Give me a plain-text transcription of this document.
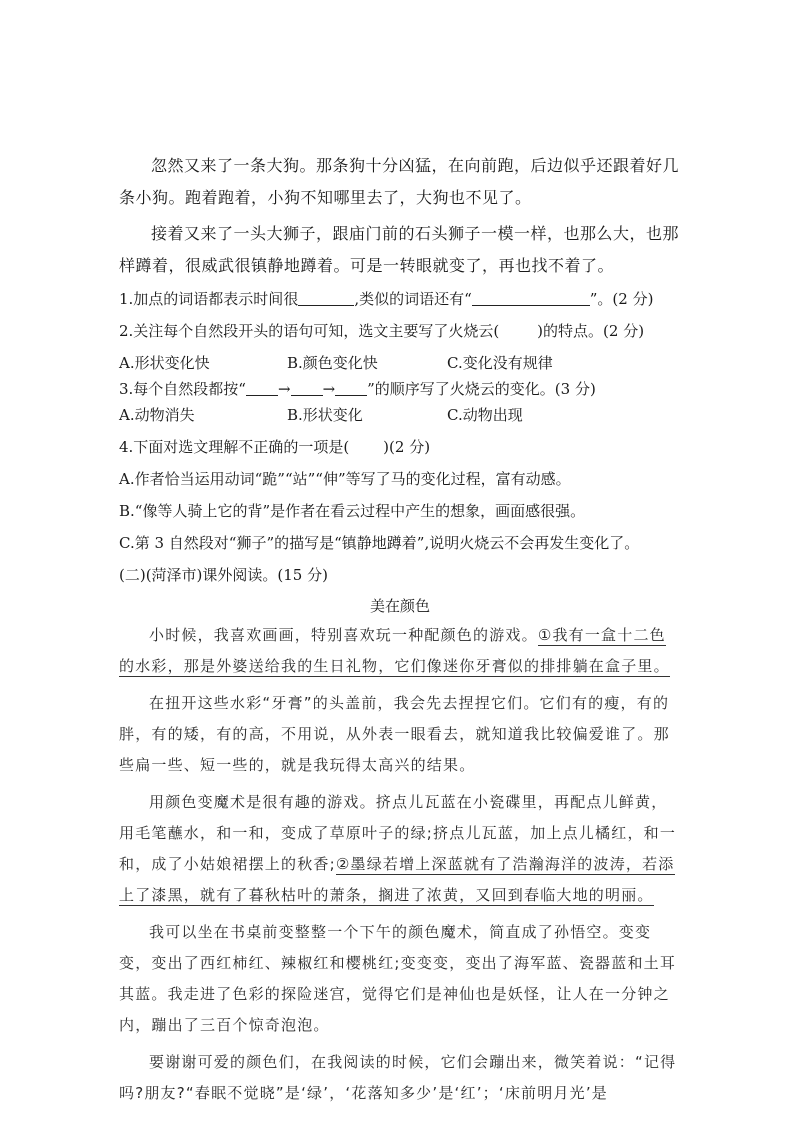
忽然又来了一条大狗。那条狗十分凶猛，在向前跑，后边似乎还跟着好几条小狗。跑着跑着，小狗不知哪里去了，大狗也不见了。

接着又来了一头大狮子，跟庙门前的石头狮子一模一样，也那么大，也那样蹲着，很威武很镇静地蹲着。可是一转眼就变了，再也找不着了。

1.加点的词语都表示时间很	,类似的词语还有“	”。(2 分)

2.关注每个自然段开头的语句可知，选文主要写了火烧云(	)的特点。(2 分)

A.形状变化快	B.颜色变化快	C.变化没有规律

3.每个自然段都按“ → → ”的顺序写了火烧云的变化。(3 分)

A.动物消失	B.形状变化	C.动物出现

4.下面对选文理解不正确的一项是( )(2 分)

A.作者恰当运用动词“跪”“站”“伸”等写了马的变化过程，富有动感。

B.“像等人骑上它的背”是作者在看云过程中产生的想象，画面感很强。

C.第 3 自然段对“狮子”的描写是“镇静地蹲着”,说明火烧云不会再发生变化了。

(二)(菏泽市)课外阅读。(15 分)

美在颜色

小时候，我喜欢画画，特别喜欢玩一种配颜色的游戏。①我有一盒十二色的水彩，那是外婆送给我的生日礼物，它们像迷你牙膏似的排排躺在盒子里。

在扭开这些水彩“牙膏”的头盖前，我会先去捏捏它们。它们有的瘦，有的胖，有的矮，有的高，不用说，从外表一眼看去，就知道我比较偏爱谁了。那些扁一些、短一些的，就是我玩得太高兴的结果。

用颜色变魔术是很有趣的游戏。挤点儿瓦蓝在小瓷碟里，再配点儿鲜黄，用毛笔蘸水，和一和，变成了草原叶子的绿;挤点儿瓦蓝，加上点儿橘红，和一和，成了小姑娘裙摆上的秋香;②墨绿若增上深蓝就有了浩瀚海洋的波涛，若添上了漆黑，就有了暮秋枯叶的萧条，搁进了浓黄，又回到春临大地的明丽。

我可以坐在书桌前变整整一个下午的颜色魔术，简直成了孙悟空。变变变，变出了西红柿红、辣椒红和樱桃红;变变变，变出了海军蓝、瓷器蓝和土耳其蓝。我走进了色彩的探险迷宫，觉得它们是神仙也是妖怪，让人在一分钟之内，蹦出了三百个惊奇泡泡。

要谢谢可爱的颜色们，在我阅读的时候，它们会蹦出来，微笑着说：“记得吗?朋友?“春眠不觉晓”是‘绿’，‘花落知多少’是‘红’；‘床前明月光’是
